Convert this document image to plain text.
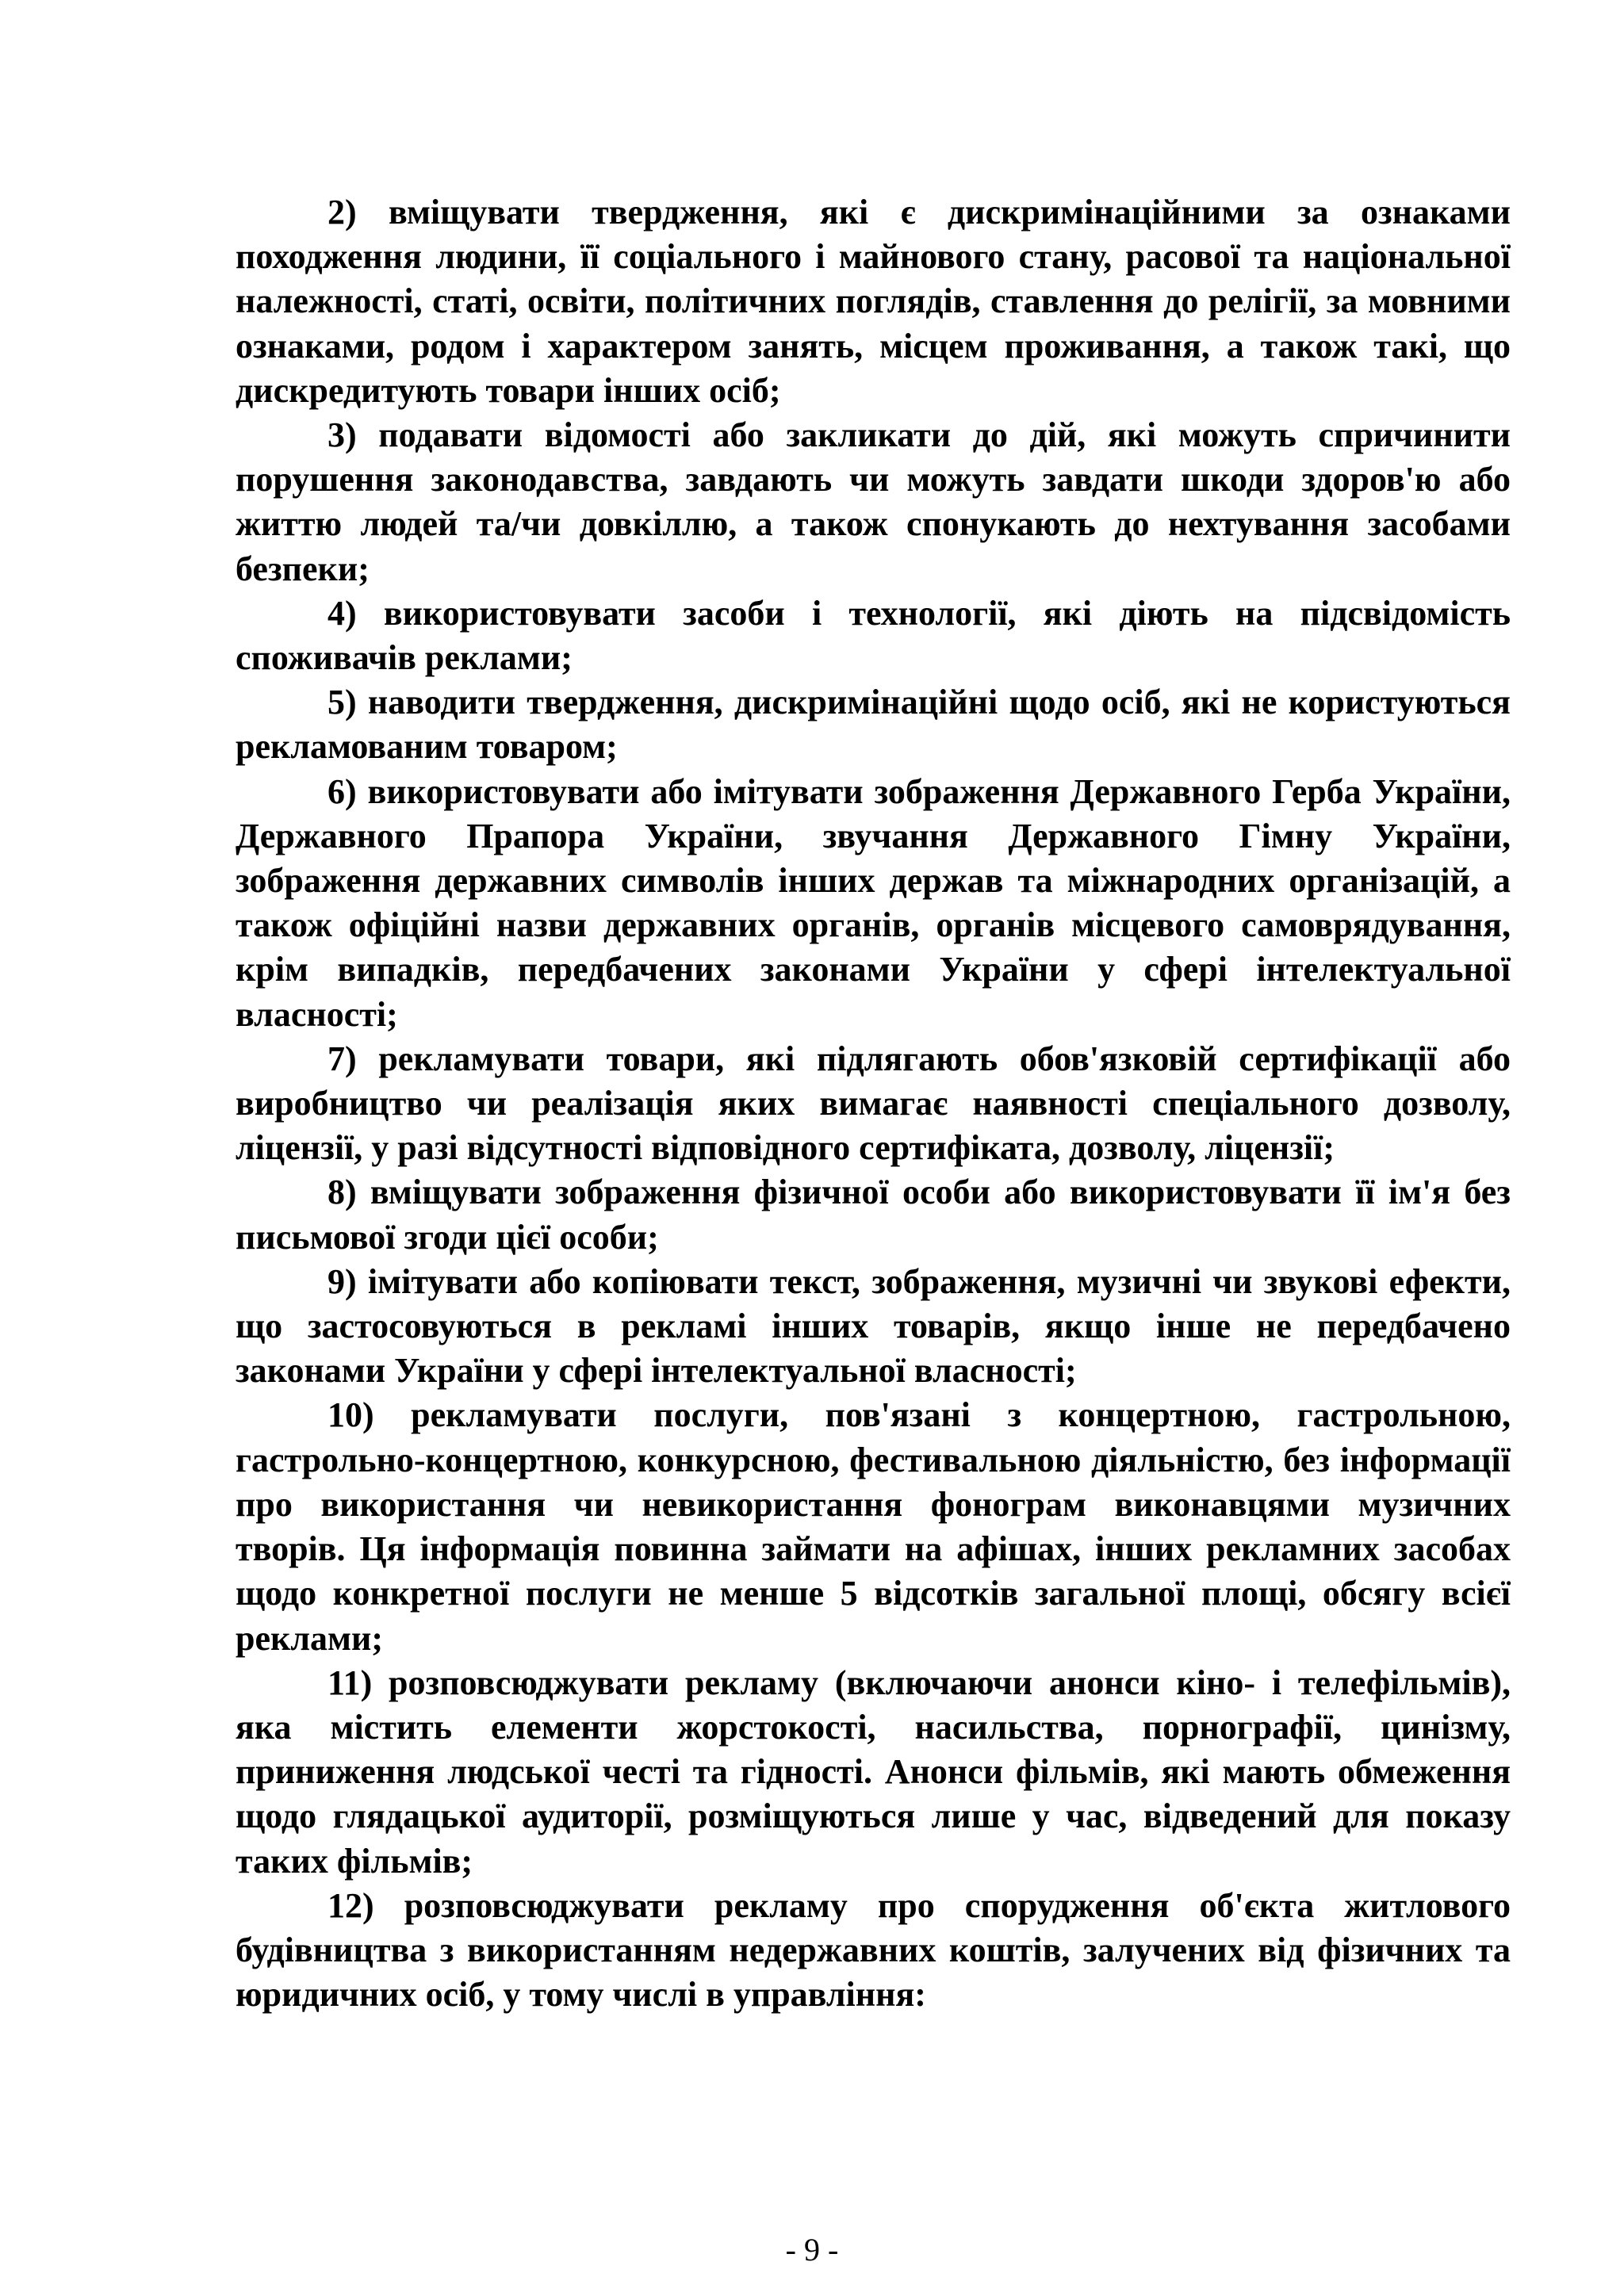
2) вміщувати твердження, які є дискримінаційними за ознаками походження людини, її соціального і майнового стану, расової та національної належності, статі, освіти, політичних поглядів, ставлення до релігії, за мовними ознаками, родом і характером занять, місцем проживання, а також такі, що дискредитують товари інших осіб;

3) подавати відомості або закликати до дій, які можуть спричинити порушення законодавства, завдають чи можуть завдати шкоди здоров'ю або життю людей та/чи довкіллю, а також спонукають до нехтування засобами безпеки;

4) використовувати засоби і технології, які діють на підсвідомість споживачів реклами;

5) наводити твердження, дискримінаційні щодо осіб, які не користуються рекламованим товаром;

6) використовувати або імітувати зображення Державного Герба України, Державного Прапора України, звучання Державного Гімну України, зображення державних символів інших держав та міжнародних організацій, а також офіційні назви державних органів, органів місцевого самоврядування, крім випадків, передбачених законами України у сфері інтелектуальної власності;

7) рекламувати товари, які підлягають обов'язковій сертифікації або виробництво чи реалізація яких вимагає наявності спеціального дозволу, ліцензії, у разі відсутності відповідного сертифіката, дозволу, ліцензії;

8) вміщувати зображення фізичної особи або використовувати її ім'я без письмової згоди цієї особи;

9) імітувати або копіювати текст, зображення, музичні чи звукові ефекти, що застосовуються в рекламі інших товарів, якщо інше не передбачено законами України у сфері інтелектуальної власності;

10) рекламувати послуги, пов'язані з концертною, гастрольною, гастрольно-концертною, конкурсною, фестивальною діяльністю, без інформації про використання чи невикористання фонограм виконавцями музичних творів. Ця інформація повинна займати на афішах, інших рекламних засобах щодо конкретної послуги не менше 5 відсотків загальної площі, обсягу всієї реклами;

11) розповсюджувати рекламу (включаючи анонси кіно- і телефільмів), яка містить елементи жорстокості, насильства, порнографії, цинізму, приниження людської честі та гідності. Анонси фільмів, які мають обмеження щодо глядацької аудиторії, розміщуються лише у час, відведений для показу таких фільмів;

12) розповсюджувати рекламу про спорудження об'єкта житлового будівництва з використанням недержавних коштів, залучених від фізичних та юридичних осіб, у тому числі в управління:

- 9 -
